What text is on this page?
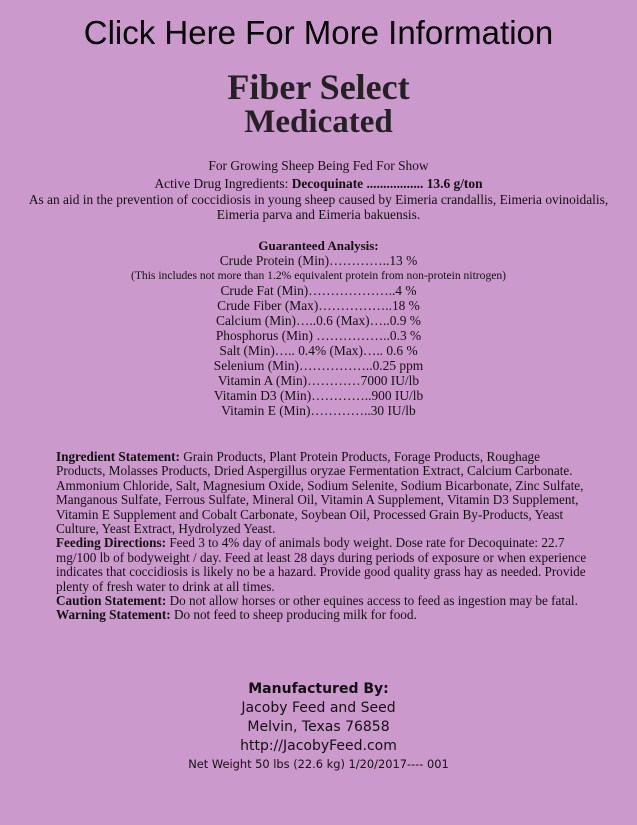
Click Here For More Information
Fiber Select
Medicated
For Growing Sheep Being Fed For Show
Active Drug Ingredients: Decoquinate ................. 13.6 g/ton
As an aid in the prevention of coccidiosis in young sheep caused by Eimeria crandallis, Eimeria ovinoidalis, Eimeria parva and Eimeria bakuensis.
Guaranteed Analysis:
Crude Protein (Min)…………..13 %
(This includes not more than 1.2% equivalent protein from non-protein nitrogen)
Crude Fat (Min)………………..4 %
Crude Fiber (Max)……………..18 %
Calcium (Min)…..0.6 (Max)…..0.9 %
Phosphorus (Min) ……………..0.3 %
Salt (Min)….. 0.4% (Max)….. 0.6 %
Selenium (Min)……………..0.25 ppm
Vitamin A (Min)…………7000 IU/lb
Vitamin D3 (Min)…………..900 IU/lb
Vitamin E (Min)…………..30 IU/lb

Ingredient Statement: Grain Products, Plant Protein Products, Forage Products, Roughage Products, Molasses Products, Dried Aspergillus oryzae Fermentation Extract, Calcium Carbonate. Ammonium Chloride, Salt, Magnesium Oxide, Sodium Selenite, Sodium Bicarbonate, Zinc Sulfate, Manganous Sulfate, Ferrous Sulfate, Mineral Oil, Vitamin A Supplement, Vitamin D3 Supplement, Vitamin E Supplement and Cobalt Carbonate, Soybean Oil, Processed Grain By-Products, Yeast Culture, Yeast Extract, Hydrolyzed Yeast.

Feeding Directions: Feed 3 to 4% day of animals body weight. Dose rate for Decoquinate: 22.7 mg/100 lb of bodyweight / day. Feed at least 28 days during periods of exposure or when experience indicates that coccidiosis is likely no be a hazard. Provide good quality grass hay as needed. Provide plenty of fresh water to drink at all times.

Caution Statement: Do not allow horses or other equines access to feed as ingestion may be fatal.

Warning Statement: Do not feed to sheep producing milk for food.

Manufactured By:
Jacoby Feed and Seed
Melvin, Texas 76858
http://JacobyFeed.com
Net Weight 50 lbs (22.6 kg) 1/20/2017---- 001
